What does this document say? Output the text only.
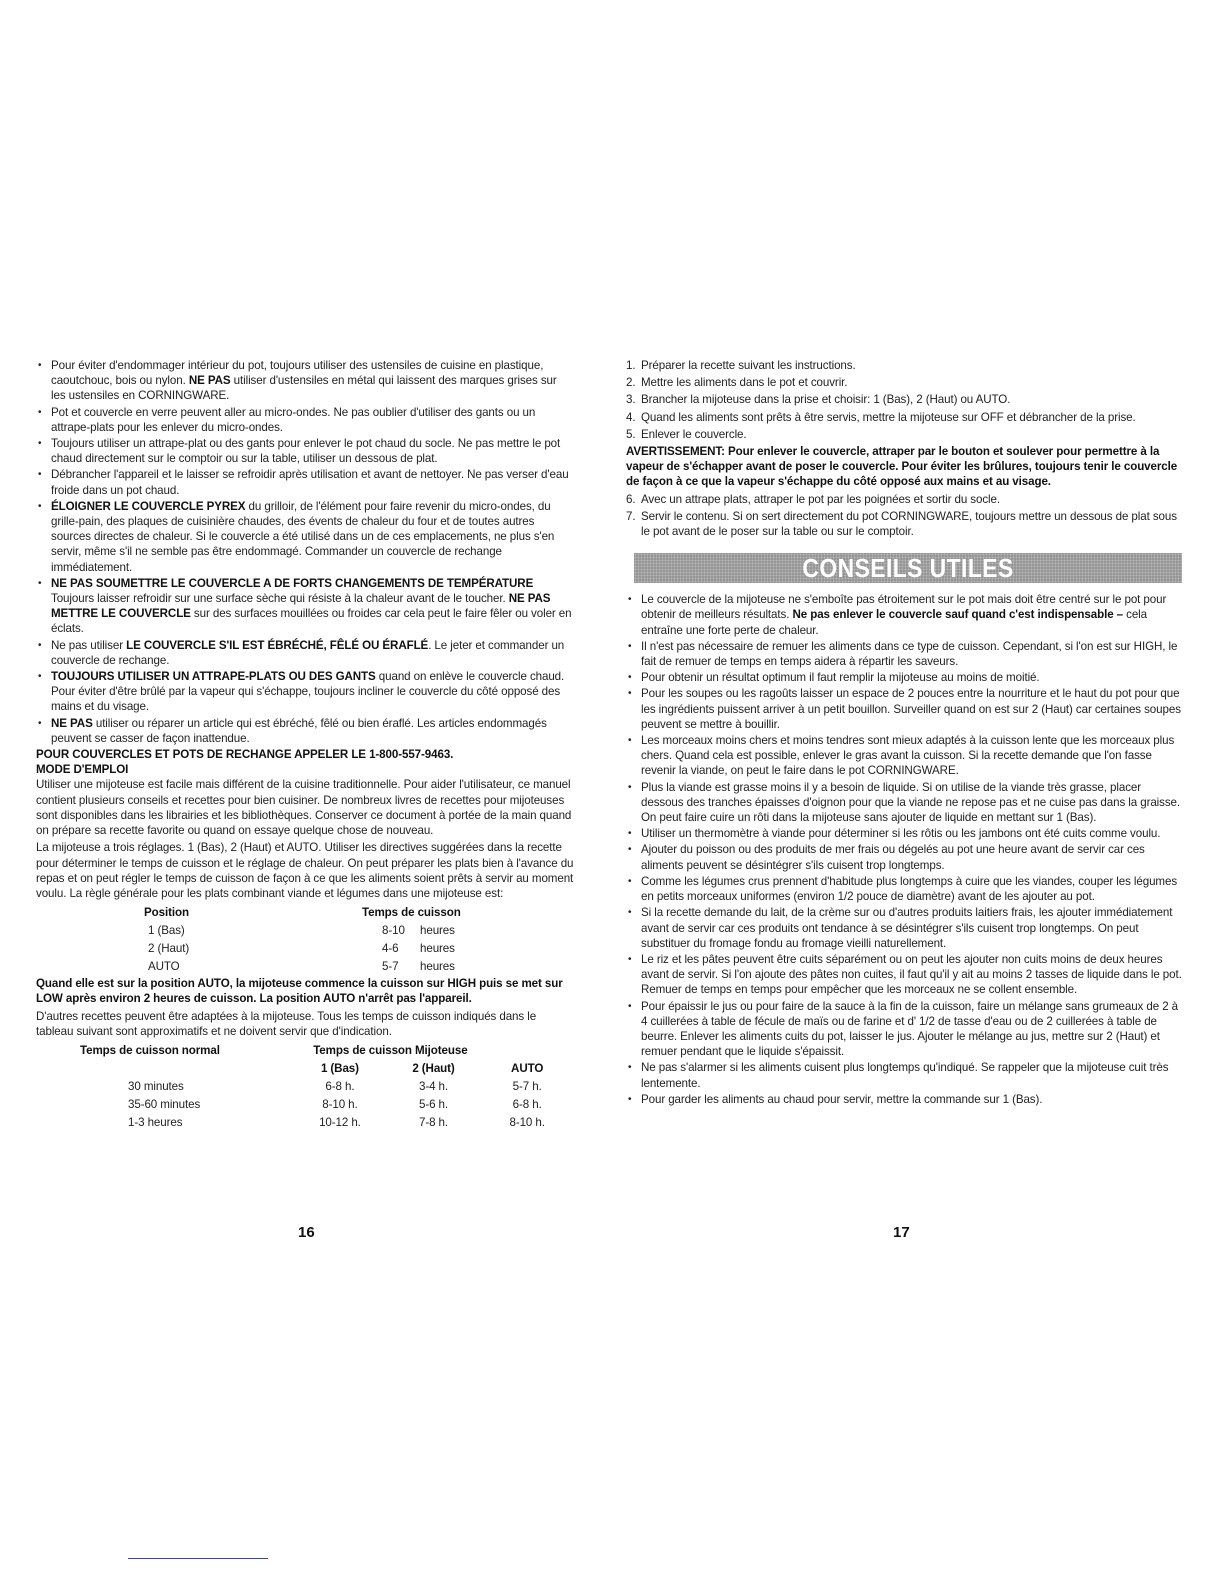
• Pour éviter d'endommager intérieur du pot, toujours utiliser des ustensiles de cuisine en plastique, caoutchouc, bois ou nylon. NE PAS utiliser d'ustensiles en métal qui laissent des marques grises sur les ustensiles en CORNINGWARE.
• Pot et couvercle en verre peuvent aller au micro-ondes. Ne pas oublier d'utiliser des gants ou un attrape-plats pour les enlever du micro-ondes.
• Toujours utiliser un attrape-plat ou des gants pour enlever le pot chaud du socle. Ne pas mettre le pot chaud directement sur le comptoir ou sur la table, utiliser un dessous de plat.
• Débrancher l'appareil et le laisser se refroidir après utilisation et avant de nettoyer. Ne pas verser d'eau froide dans un pot chaud.
• ÉLOIGNER LE COUVERCLE PYREX du grilloir, de l'élément pour faire revenir du micro-ondes, du grille-pain, des plaques de cuisinière chaudes, des évents de chaleur du four et de toutes autres sources directes de chaleur. Si le couvercle a été utilisé dans un de ces emplacements, ne plus s'en servir, même s'il ne semble pas être endommagé. Commander un couvercle de rechange immédiatement.
• NE PAS SOUMETTRE LE COUVERCLE A DE FORTS CHANGEMENTS DE TEMPÉRATURE Toujours laisser refroidir sur une surface sèche qui résiste à la chaleur avant de le toucher. NE PAS METTRE LE COUVERCLE sur des surfaces mouillées ou froides car cela peut le faire fêler ou voler en éclats.
• Ne pas utiliser LE COUVERCLE S'IL EST ÉBRÉCHÉ, FÊLÉ OU ÉRAFLÉ. Le jeter et commander un couvercle de rechange.
• TOUJOURS UTILISER UN ATTRAPE-PLATS OU DES GANTS quand on enlève le couvercle chaud. Pour éviter d'être brûlé par la vapeur qui s'échappe, toujours incliner le couvercle du côté opposé des mains et du visage.
• NE PAS utiliser ou réparer un article qui est ébréché, fêlé ou bien éraflé. Les articles endommagés peuvent se casser de façon inattendue.

POUR COUVERCLES ET POTS DE RECHANGE APPELER LE 1-800-557-9463.

MODE D'EMPLOI

Utiliser une mijoteuse est facile mais différent de la cuisine traditionnelle. Pour aider l'utilisateur, ce manuel contient plusieurs conseils et recettes pour bien cuisiner. De nombreux livres de recettes pour mijoteuses sont disponibles dans les librairies et les bibliothèques. Conserver ce document à portée de la main quand on prépare sa recette favorite ou quand on essaye quelque chose de nouveau.

La mijoteuse a trois réglages. 1 (Bas), 2 (Haut) et AUTO. Utiliser les directives suggérées dans la recette pour déterminer le temps de cuisson et le réglage de chaleur. On peut préparer les plats bien à l'avance du repas et on peut régler le temps de cuisson de façon à ce que les aliments soient prêts à servir au moment voulu. La règle générale pour les plats combinant viande et légumes dans une mijoteuse est:

Position	Temps de cuisson	
1 (Bas)	8-10	heures
2 (Haut)	4-6	heures
AUTO	5-7	heures

Quand elle est sur la position AUTO, la mijoteuse commence la cuisson sur HIGH puis se met sur LOW après environ 2 heures de cuisson. La position AUTO n'arrêt pas l'appareil.

D'autres recettes peuvent être adaptées à la mijoteuse. Tous les temps de cuisson indiqués dans le tableau suivant sont approximatifs et ne doivent servir que d'indication.

Temps de cuisson normal	Temps de cuisson Mijoteuse		
	1 (Bas)	2 (Haut)	AUTO
30 minutes	6-8 h.	3-4 h.	5-7 h.
35-60 minutes	8-10 h.	5-6 h.	6-8 h.
1-3 heures	10-12 h.	7-8 h.	8-10 h.
1. Préparer la recette suivant les instructions.
2. Mettre les aliments dans le pot et couvrir.
3. Brancher la mijoteuse dans la prise et choisir: 1 (Bas), 2 (Haut) ou AUTO.
4. Quand les aliments sont prêts à être servis, mettre la mijoteuse sur OFF et débrancher de la prise.
5. Enlever le couvercle.

AVERTISSEMENT: Pour enlever le couvercle, attraper par le bouton et soulever pour permettre à la vapeur de s'échapper avant de poser le couvercle. Pour éviter les brûlures, toujours tenir le couvercle de façon à ce que la vapeur s'échappe du côté opposé aux mains et au visage.

6. Avec un attrape plats, attraper le pot par les poignées et sortir du socle.
7. Servir le contenu. Si on sert directement du pot CORNINGWARE, toujours mettre un dessous de plat sous le pot avant de le poser sur la table ou sur le comptoir.
CONSEILS UTILES
• Le couvercle de la mijoteuse ne s'emboîte pas étroitement sur le pot mais doit être centré sur le pot pour obtenir de meilleurs résultats. Ne pas enlever le couvercle sauf quand c'est indispensable – cela entraîne une forte perte de chaleur.
• Il n'est pas nécessaire de remuer les aliments dans ce type de cuisson. Cependant, si l'on est sur HIGH, le fait de remuer de temps en temps aidera à répartir les saveurs.
• Pour obtenir un résultat optimum il faut remplir la mijoteuse au moins de moitié.
• Pour les soupes ou les ragoûts laisser un espace de 2 pouces entre la nourriture et le haut du pot pour que les ingrédients puissent arriver à un petit bouillon. Surveiller quand on est sur 2 (Haut) car certaines soupes peuvent se mettre à bouillir.
• Les morceaux moins chers et moins tendres sont mieux adaptés à la cuisson lente que les morceaux plus chers. Quand cela est possible, enlever le gras avant la cuisson. Si la recette demande que l'on fasse revenir la viande, on peut le faire dans le pot CORNINGWARE.
• Plus la viande est grasse moins il y a besoin de liquide. Si on utilise de la viande très grasse, placer dessous des tranches épaisses d'oignon pour que la viande ne repose pas et ne cuise pas dans la graisse. On peut faire cuire un rôti dans la mijoteuse sans ajouter de liquide en mettant sur 1 (Bas).
• Utiliser un thermomètre à viande pour déterminer si les rôtis ou les jambons ont été cuits comme voulu.
• Ajouter du poisson ou des produits de mer frais ou dégelés au pot une heure avant de servir car ces aliments peuvent se désintégrer s'ils cuisent trop longtemps.
• Comme les légumes crus prennent d'habitude plus longtemps à cuire que les viandes, couper les légumes en petits morceaux uniformes (environ 1/2 pouce de diamètre) avant de les ajouter au pot.
• Si la recette demande du lait, de la crème sur ou d'autres produits laitiers frais, les ajouter immédiatement avant de servir car ces produits ont tendance à se désintégrer s'ils cuisent trop longtemps. On peut substituer du fromage fondu au fromage vieilli naturellement.
• Le riz et les pâtes peuvent être cuits séparément ou on peut les ajouter non cuits moins de deux heures avant de servir. Si l'on ajoute des pâtes non cuites, il faut qu'il y ait au moins 2 tasses de liquide dans le pot. Remuer de temps en temps pour empêcher que les morceaux ne se collent ensemble.
• Pour épaissir le jus ou pour faire de la sauce à la fin de la cuisson, faire un mélange sans grumeaux de 2 à 4 cuillerées à table de fécule de maïs ou de farine et d' 1/2 de tasse d'eau ou de 2 cuillerées à table de beurre. Enlever les aliments cuits du pot, laisser le jus. Ajouter le mélange au jus, mettre sur 2 (Haut) et remuer pendant que le liquide s'épaissit.
• Ne pas s'alarmer si les aliments cuisent plus longtemps qu'indiqué. Se rappeler que la mijoteuse cuit très lentemente.
• Pour garder les aliments au chaud pour servir, mettre la commande sur 1 (Bas).
16	17
